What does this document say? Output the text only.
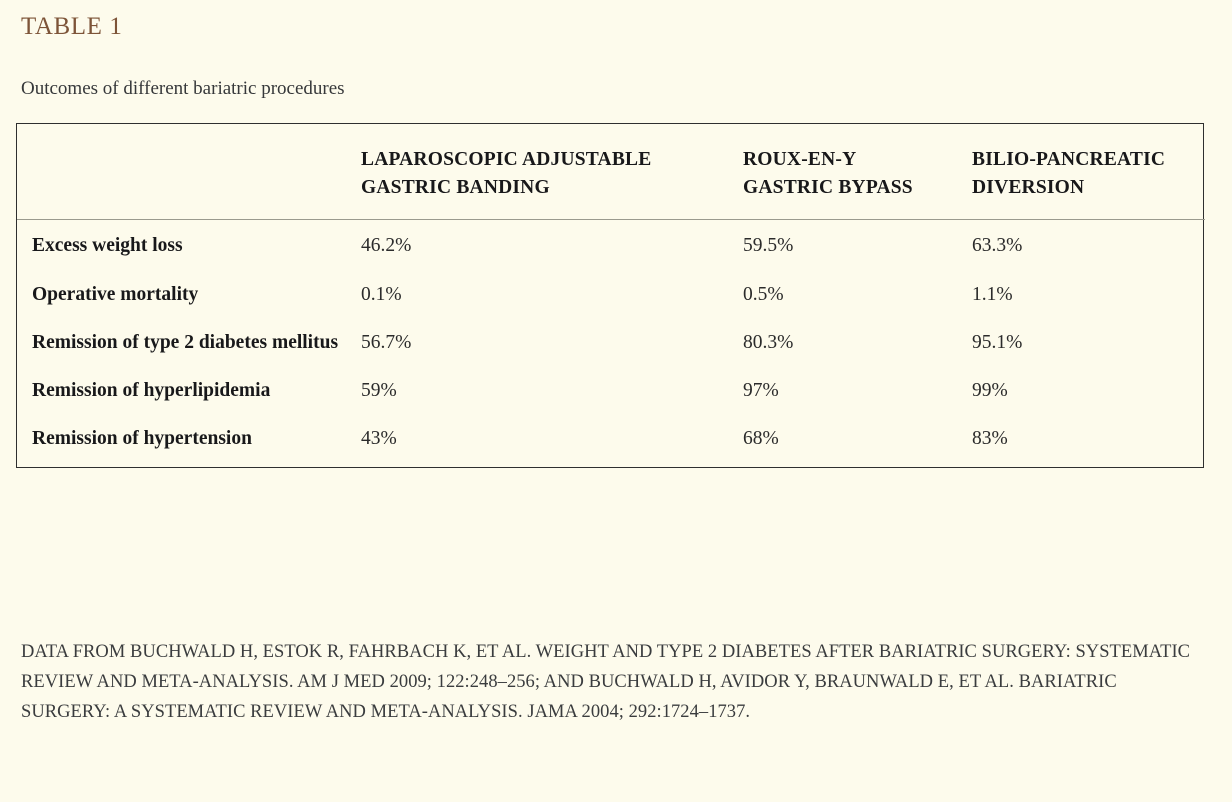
TABLE 1
Outcomes of different bariatric procedures
	LAPAROSCOPIC ADJUSTABLE GASTRIC BANDING	ROUX-EN-Y GASTRIC BYPASS	BILIO-PANCREATIC DIVERSION
Excess weight loss	46.2%	59.5%	63.3%
Operative mortality	0.1%	0.5%	1.1%
Remission of type 2 diabetes mellitus	56.7%	80.3%	95.1%
Remission of hyperlipidemia	59%	97%	99%
Remission of hypertension	43%	68%	83%
DATA FROM BUCHWALD H, ESTOK R, FAHRBACH K, ET AL. WEIGHT AND TYPE 2 DIABETES AFTER BARIATRIC SURGERY: SYSTEMATIC REVIEW AND META-ANALYSIS. AM J MED 2009; 122:248–256; AND BUCHWALD H, AVIDOR Y, BRAUNWALD E, ET AL. BARIATRIC SURGERY: A SYSTEMATIC REVIEW AND META-ANALYSIS. JAMA 2004; 292:1724–1737.
